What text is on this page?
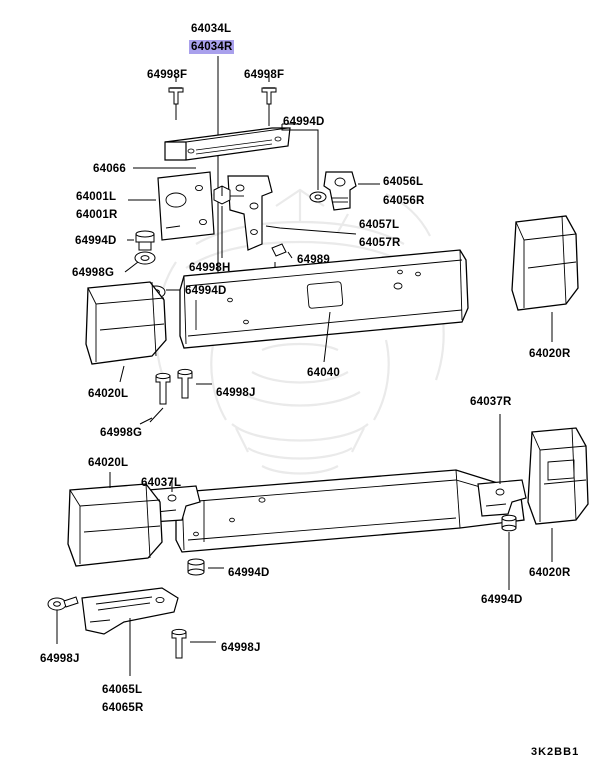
64034L
64034R
64998F	64998F
64994D
64066
64056L
64056R
64001L
64001R
64057L
64057R
64994D
64989
64998G	64998H
64994D
64020R
64040
64020L	64998J
64037R
64998G
64020L
64037L
64994D	64020R
64994D
64998J
64998J
64065L
64065R
3K2BB1
